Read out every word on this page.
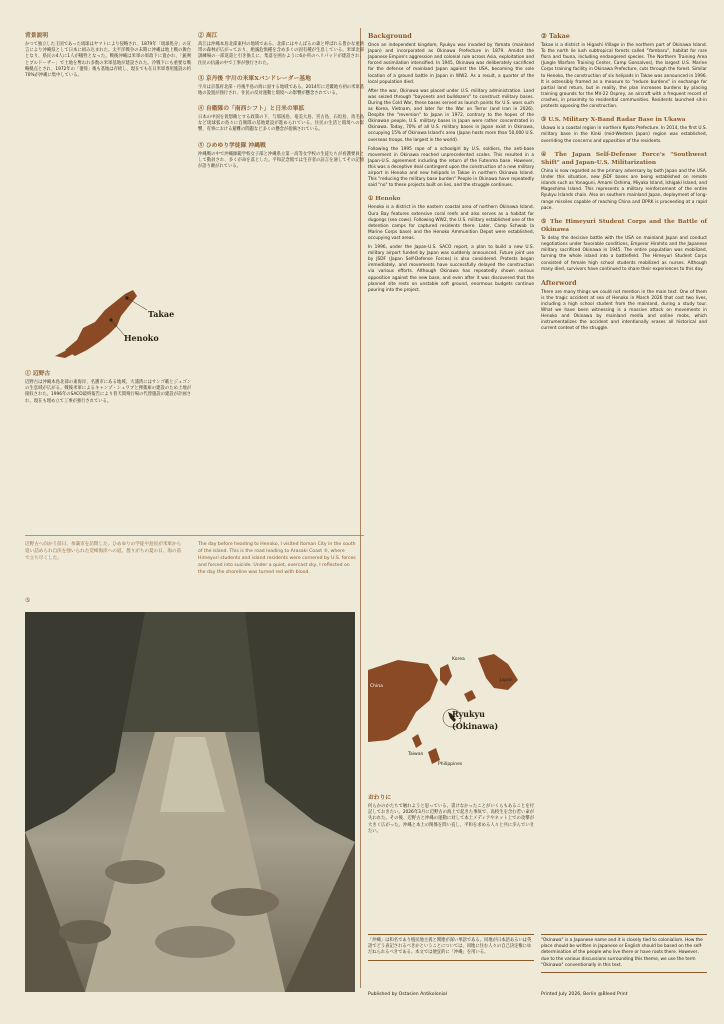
背景説明

かつて独立した王国であった琉球はヤマトにより侵略され、1879年「琉球処分」の宣言により沖縄県として日本に組み込まれた。太平洋戦争の末期に沖縄は地上戦の舞台となり、県民の4人に1人が犠牲となった。戦後沖縄は米軍の軍政下に置かれ、「銃剣とブルドーザー」で土地を奪われ多数の米軍基地が建設された。冷戦下にも重要な戦略拠点とされ、1972年の「復帰」後も基地は存続し、現在でも在日米軍専用施設の約70%が沖縄に集中している。

Takae
Henoko
① 辺野古

辺野古は沖縄本島北部の東海岸、名護市にある地域。大浦湾にはサンゴ礁とジュゴンの生息域が広がる。戦後米軍によるキャンプ・シュワブと弾薬庫の建設のため土地が接収された。1996年のSACO最終報告により普天間飛行場の代替施設の建設が計画され、現在も埋め立て工事が強行されている。

② 高江

高江は沖縄本島北部東村の地域である。北部にはやんばるの森と呼ばれる豊かな亜熱帯の森林が広がっており、絶滅危惧種を含め多くの固有種が生息している。米軍北部訓練場の一部返還と引き換えに、集落を囲むように6か所のヘリパッドが建設され、住民の抗議の中で工事が強行された。

③ 京丹後 宇川の米軍Xバンドレーダー基地

宇川は京都府北部・丹後半島の海に面する地域である。2014年に近畿地方初の米軍基地の設置が強行され、住民の反対運動と環境への影響が懸念されている。

④ 自衛隊の「南西シフト」と日米の軍拡

日本の中国を仮想敵とする政策の下、与那国島、奄美大島、宮古島、石垣島、馬毛島など琉球弧の島々に自衛隊の基地建設が進められている。住民の生活と環境への影響、有事における避難の問題など多くの懸念が指摘されている。

⑤ ひめゆり学徒隊 沖縄戦

沖縄戦の中で沖縄師範学校女子部と沖縄県立第一高等女学校の生徒たちが看護要員として動員され、多くが命を落とした。平和記念館では生存者の証言を通してその記憶が語り継がれている。

辺野古へ向かう前日、糸満市を訪問した。ひめゆりの学徒や島民が米軍から追い詰められ自決を強いられた荒崎海岸への道。曇りがちの夏の日、海の前で立ち尽くした。
The day before heading to Henoko, I visited Itoman City in the south of the island. This is the road leading to Arasaki Coast ⑤, where Himeyuri students and island residents were cornered by U.S. forces and forced into suicide. Under a quiet, overcast sky, I reflected on the day the shoreline was turned red with blood.
⑤
Background

Once an independent kingdom, Ryukyu was invaded by Yamato (mainland Japan) and incorporated as Okinawa Prefecture in 1879. Amidst the Japanese Empire's aggression and colonial rule across Asia, exploitation and forced assimilation intensified. In 1945, Okinawa was deliberately sacrificed for the defense of mainland Japan against the USA, becoming the sole location of a ground battle in Japan in WW2. As a result, a quarter of the local population died.

After the war, Okinawa was placed under U.S. military administration. Land was seized through "bayonets and bulldozers" to construct military bases. During the Cold War, these bases served as launch points for U.S. wars such as Korea, Vietnam, and later for the War on Terror (and Iran in 2026). Despite the "reversion" to Japan in 1972, contrary to the hopes of the Okinawan people, U.S. military bases in Japan were rather concentrated in Okinawa. Today, 70% of all U.S. military bases in Japan exist in Okinawa, occupying 15% of Okinawa Island's area (Japan hosts more than 50,000 U.S. overseas troops, the largest in the world).

Following the 1995 rape of a schoolgirl by U.S. soldiers, the anti-base movement in Okinawa reached unprecedented scales. This resulted in a Japan-U.S. agreement including the return of the Futenma base. However, this was a deceptive deal contingent upon the construction of a new military airport in Henoko and new helipads in Takae in northern Okinawa Island. This "reducing the military base burden" People in Okinawa have repeatedly said "no" to these projects built on lies, and the struggle continues.

① Henoko

Henoko is a district in the eastern coastal area of northern Okinawa Island. Oura Bay features extensive coral reefs and also serves as a habitat for dugongs (sea cows). Following WW2, the U.S. military established one of the detention camps for captured residents there. Later, Camp Schwab (a Marine Corps base) and the Henoko Ammunition Depot were established, occupying vast areas.

In 1996, under the Japan-U.S. SACO report, a plan to build a new U.S. military airport funded by Japan was suddenly announced. Future joint use by JSDF (Japan Self-Defense Forces) is also considered. Protests began immediately, and movements have successfully delayed the construction via various efforts. Although Okinawa has repeatedly shown serious opposition against the new base, and even after it was discovered that the planned site rests on unstable soft ground, enormous budgets continue pouring into the project.

Korea
Japan
China
Taiwan
Philippines
Ryukyu
(Okinawa)
おわりに

何らかのかたちで触れようと思っている。書けなかったことがいくらもあることを付記しておきたい。2026年3月に辺野古の海上で起きた事故で、高校生を含む若い命が失われた。その後、辺野古と沖縄の運動に対して本土メディアやネット上での攻撃が大きく広がった。沖縄と本土の関係を問い直し、平和を求める人々と共に歩んでいきたい。

② Takae

Takae is a district in Higashi Village in the northern part of Okinawa Island. To the north lie lush subtropical forests called "Yambaru", habitat for rare flora and fauna, including endangered species. The Northern Training Area (Jungle Warfare Training Center, Camp Gonsalves), the largest U.S. Marine Corps training facility in Okinawa Prefecture, cuts through the forest. Similar to Henoko, the construction of six helipads in Takae was announced in 1996. It is ostensibly framed as a measure to "reduce burdens" in exchange for partial land return, but in reality, the plan increases burdens by placing training grounds for the MV-22 Osprey, an aircraft with a frequent record of crashes, in proximity to residential communities. Residents launched sit-in protests opposing the construction.

③ U.S. Military X-Band Radar Base in Ukawa

Ukawa is a coastal region in northern Kyoto Prefecture. In 2014, the first U.S. military base in the Kinki (mid-Western Japan) region was established, overriding the concerns and opposition of the residents.

④ The Japan Self-Defense Force's "Southwest Shift" and Japan-U.S. Militarization

China is now regarded as the primary adversary by both Japan and the USA. Under this situation, new JSDF bases are being established on remote islands such as Yonaguni, Amami Oshima, Miyako Island, Ishigaki Island, and Mageshima Island. This represents a military reinforcement of the entire Ryukyu Islands chain. Also on southern mainland Japan, deployment of long-range missiles capable of reaching China and DPRK is proceeding at a rapid pace.

⑤ The Himeyuri Student Corps and the Battle of Okinawa

To delay the decisive battle with the USA on mainland Japan and conduct negotiations under favorable conditions, Emperor Hirohito and the Japanese military sacrificed Okinawa in 1945. The entire population was mobilized, turning the whole island into a battlefield. The Himeyuri Student Corps consisted of female high school students mobilized as nurses. Although many died, survivors have continued to share their experiences to this day.

Afterword

There are many things we could not mention in the main text. One of them is the tragic accident at sea of Henoko in March 2026 that cost two lives, including a high school student from the mainland, during a study tour. What we have been witnessing is a massive attack on movements in Henoko and Okinawa by mainland media and online mobs, which instrumentalizes the accident and intentionally erases all historical and current context of the struggle.

「沖縄」は和名であり植民地主義と関連が深い単語である。同地が日本語あるいは英語でどう表記されるべきかということについては、同地に住む人々の自己決定権にゆだねられるべきである。本文では便宜的に「沖縄」を用いる。
"Okinawa" is a Japanese name and it is closely tied to colonialism. How the place should be written in Japanese or English should be based on the self-determination of the people who live there or have roots there. However, due to the various discussions surrounding this theme, we use the term "Okinawa" conventionally in this text.
Published by Ostasien Antikolonial	Printed July 2026, Berlin @Bleed Print
